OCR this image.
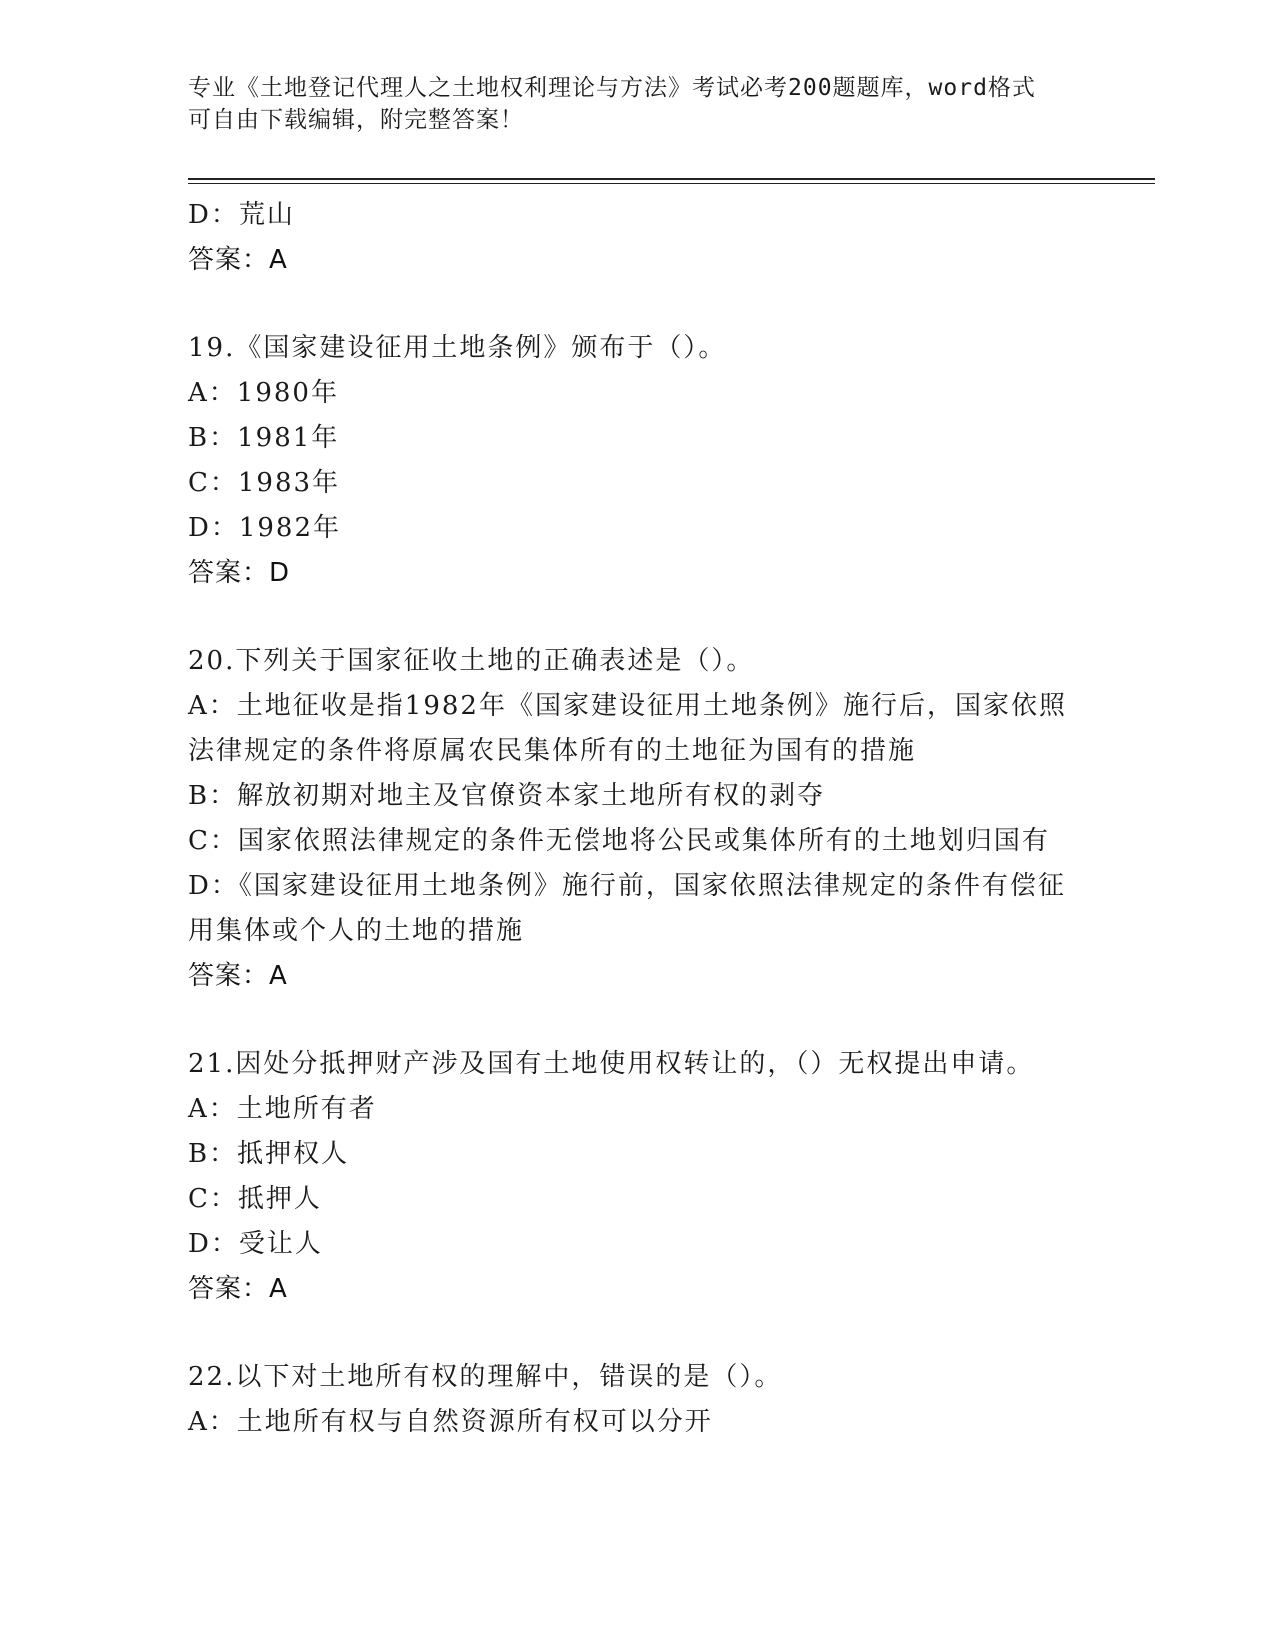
专业《土地登记代理人之土地权利理论与方法》考试必考200题题库，word格式
可自由下载编辑，附完整答案！
D：荒山
答案：A
19.《国家建设征用土地条例》颁布于（）。
A：1980年
B：1981年
C：1983年
D：1982年
答案：D
20.下列关于国家征收土地的正确表述是（）。
A：土地征收是指1982年《国家建设征用土地条例》施行后，国家依照法律规定的条件将原属农民集体所有的土地征为国有的措施
B：解放初期对地主及官僚资本家土地所有权的剥夺
C：国家依照法律规定的条件无偿地将公民或集体所有的土地划归国有
D：《国家建设征用土地条例》施行前，国家依照法律规定的条件有偿征用集体或个人的土地的措施
答案：A
21.因处分抵押财产涉及国有土地使用权转让的，（）无权提出申请。
A：土地所有者
B：抵押权人
C：抵押人
D：受让人
答案：A
22.以下对土地所有权的理解中，错误的是（）。
A：土地所有权与自然资源所有权可以分开
